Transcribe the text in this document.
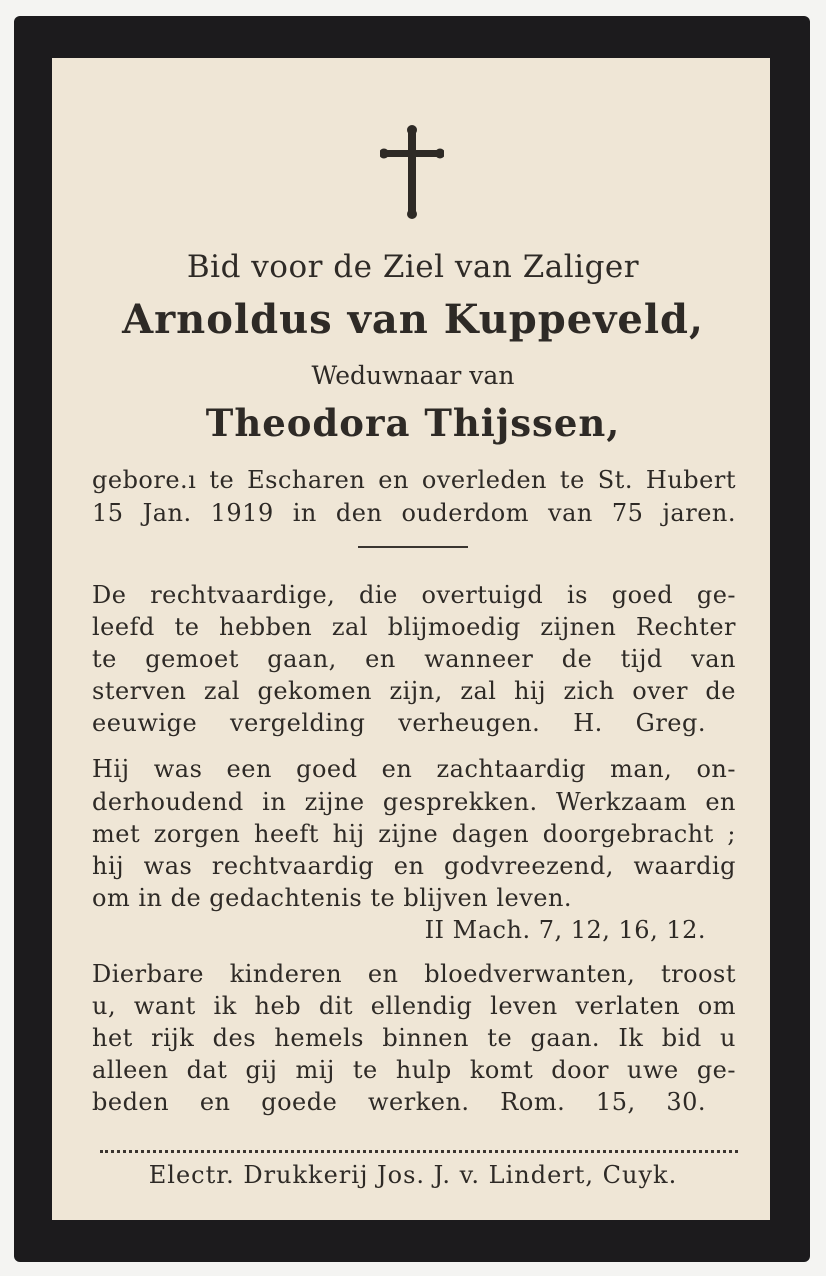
Bid voor de Ziel van Zaliger
Arnoldus van Kuppeveld,
Weduwnaar van
Theodora Thijssen,
gebore.ı te Escharen en overleden te St. Hubert
15 Jan. 1919 in den ouderdom van 75 jaren.
De rechtvaardige, die overtuigd is goed ge-
leefd te hebben zal blijmoedig zijnen Rechter
te gemoet gaan, en wanneer de tijd van
sterven zal gekomen zijn, zal hij zich over de
eeuwige vergelding verheugen. H. Greg.
Hij was een goed en zachtaardig man, on-
derhoudend in zijne gesprekken. Werkzaam en
met zorgen heeft hij zijne dagen doorgebracht ;
hij was rechtvaardig en godvreezend, waardig
om in de gedachtenis te blijven leven.
II Mach. 7, 12, 16, 12.
Dierbare kinderen en bloedverwanten, troost
u, want ik heb dit ellendig leven verlaten om
het rijk des hemels binnen te gaan. Ik bid u
alleen dat gij mij te hulp komt door uwe ge-
beden en goede werken. Rom. 15, 30.
Electr. Drukkerij Jos. J. v. Lindert, Cuyk.
